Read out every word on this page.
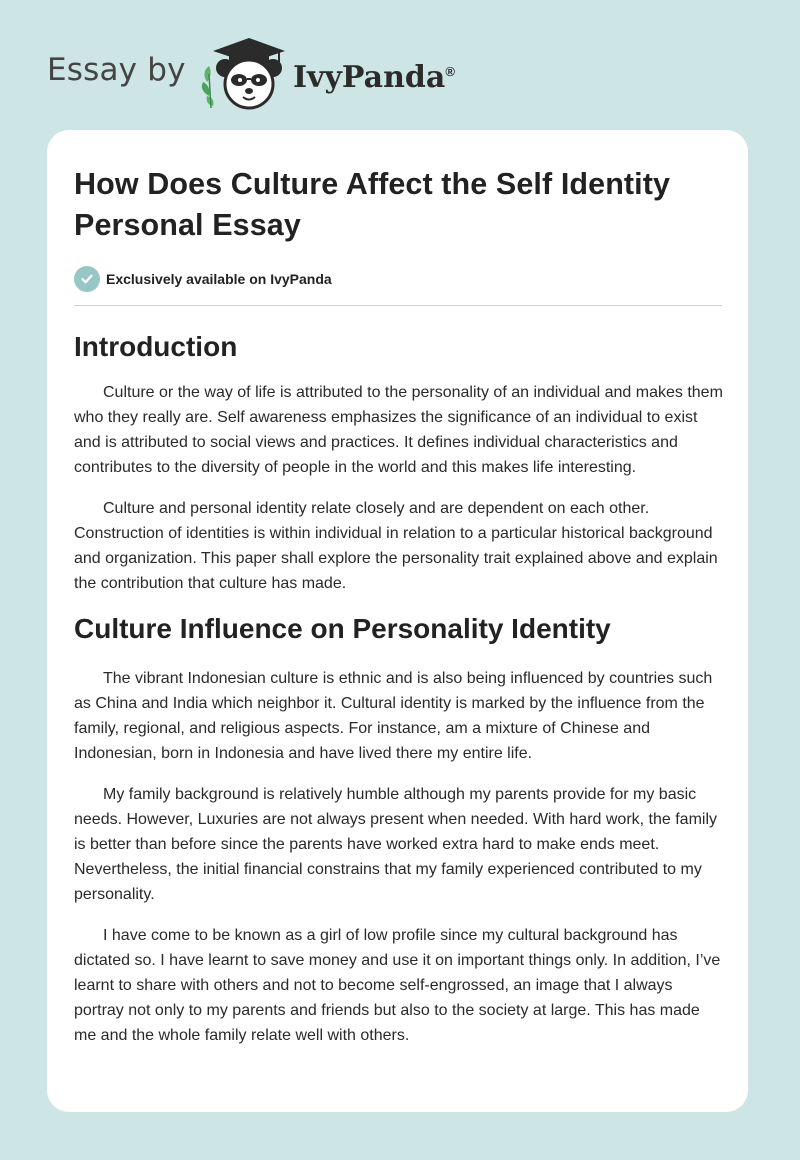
Essay by	IvyPanda®
How Does Culture Affect the Self Identity
Personal Essay
Exclusively available on IvyPanda
Introduction

Culture or the way of life is attributed to the personality of an individual and makes them who they really are. Self awareness emphasizes the significance of an individual to exist and is attributed to social views and practices. It defines individual characteristics and contributes to the diversity of people in the world and this makes life interesting.

Culture and personal identity relate closely and are dependent on each other. Construction of identities is within individual in relation to a particular historical background and organization. This paper shall explore the personality trait explained above and explain the contribution that culture has made.

Culture Influence on Personality Identity

The vibrant Indonesian culture is ethnic and is also being influenced by countries such as China and India which neighbor it. Cultural identity is marked by the influence from the family, regional, and religious aspects. For instance, am a mixture of Chinese and Indonesian, born in Indonesia and have lived there my entire life.

My family background is relatively humble although my parents provide for my basic needs. However, Luxuries are not always present when needed. With hard work, the family is better than before since the parents have worked extra hard to make ends meet. Nevertheless, the initial financial constrains that my family experienced contributed to my personality.

I have come to be known as a girl of low profile since my cultural background has dictated so. I have learnt to save money and use it on important things only. In addition, I’ve learnt to share with others and not to become self-engrossed, an image that I always portray not only to my parents and friends but also to the society at large. This has made me and the whole family relate well with others.
